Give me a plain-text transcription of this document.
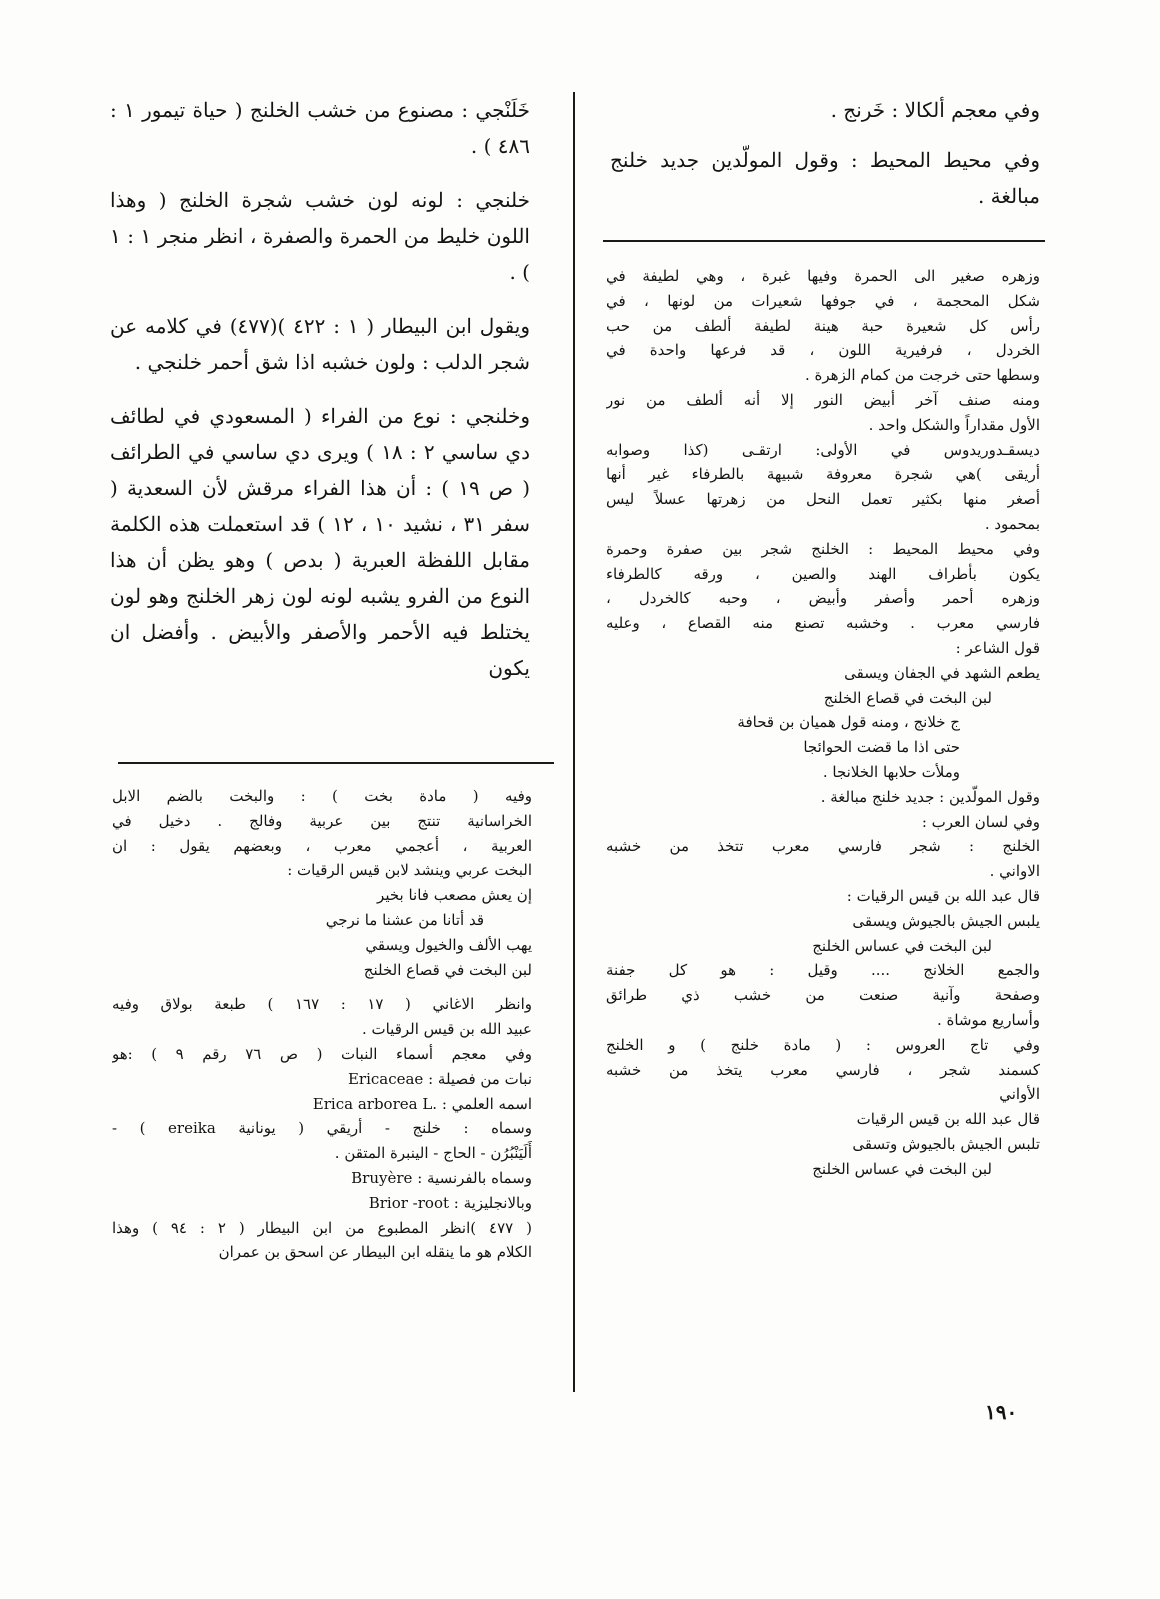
وفي معجم ألكالا : خَرنج .

وفي محيط المحيط : وقول المولّدين جديد خلنج مبالغة .

وزهره صغير الى الحمرة وفيها غبرة ، وهي لطيفة في
شكل المحجمة ، في جوفها شعيرات من لونها ، في
رأس كل شعيرة حبة هينة لطيفة ألطف من حب
الخردل ، فرفيرية اللون ، قد فرعها واحدة في
وسطها حتى خرجت من كمام الزهرة .
ومنه صنف آخر أبيض النور إلا أنه ألطف من نور
الأول مقداراً والشكل واحد .
ديسقـدوريدوس في الأولى: ارتقـى (كذا وصوابه
أريقى )هي شجرة معروفة شبيهة بالطرفاء غير أنها
أصغر منها بكثير تعمل النحل من زهرتها عسلاً ليس
بمحمود .
وفي محيط المحيط : الخلنج شجر بين صفرة وحمرة
يكون بأطراف الهند والصين ، ورقه كالطرفاء
وزهره أحمر وأصفر وأبيض ، وحبه كالخردل ،
فارسي معرب . وخشبه تصنع منه القصاع ، وعليه
قول الشاعر :
يطعم الشهد في الجفان ويسقى
لبن البخت في قصاع الخلنج
ج خلانج ، ومنه قول هميان بن قحافة
حتى اذا ما قضت الحوائجا
وملأت حلابها الخلانجا .
وقول المولّدين : جديد خلنج مبالغة .
وفي لسان العرب :
الخلنج : شجر فارسي معرب تتخذ من خشبه
الاواني .
قال عبد الله بن قيس الرقيات :
يلبس الجيش بالجيوش ويسقى
لبن البخت في عساس الخلنج
والجمع الخلانج .... وقيل : هو كل جفنة
وصفحة وآنية صنعت من خشب ذي طرائق
وأساريع موشاة .
وفي تاج العروس : ( مادة خلنج ) و الخلنج
كسمند شجر ، فارسي معرب يتخذ من خشبه
الأواني
قال عبد الله بن قيس الرقيات
تلبس الجيش بالجيوش وتسقى
لبن البخت في عساس الخلنج

خَلَنْجي : مصنوع من خشب الخلنج ( حياة تيمور ۱ : ٤٨٦ ) .

خلنجي : لونه لون خشب شجرة الخلنج ( وهذا اللون خليط من الحمرة والصفرة ، انظر منجر ۱ : ۱ ) .

ويقول ابن البيطار ( ۱ : ٤٢٢ )(٤٧٧) في كلامه عن شجر الدلب : ولون خشبه اذا شق أحمر خلنجي .

وخلنجي : نوع من الفراء ( المسعودي في لطائف دي ساسي ۲ : ۱۸ ) ويرى دي ساسي في الطرائف ( ص ۱۹ ) : أن هذا الفراء مرقش لأن السعدية ( سفر ۳۱ ، نشيد ۱۰ ، ۱۲ ) قد استعملت هذه الكلمة مقابل اللفظة العبرية ( بدص ) وهو يظن أن هذا النوع من الفرو يشبه لونه لون زهر الخلنج وهو لون يختلط فيه الأحمر والأصفر والأبيض . وأفضل ان يكون

وفيه ( مادة بخت ) : والبخت بالضم الابل
الخراسانية تنتج بين عربية وفالج . دخيل في
العربية ، أعجمي معرب ، وبعضهم يقول : ان
البخت عربي وينشد لابن قيس الرقيات :
إن يعش مصعب فانا بخير
قد أتانا من عشنا ما نرجي
يهب الألف والخيول ويسقي
لبن البخت في قصاع الخلنج
وانظر الاغاني ( ۱۷ : ۱٦۷ ) طبعة بولاق وفيه
عبيد الله بن قيس الرقيات .
وفي معجم أسماء النبات ( ص ۷٦ رقم ۹ ) :هو
نبات من فصيلة : Ericaceae
اسمه العلمي : .Erica arborea L
وسماه : خلنج - أريقي ( يونانية ereika ) -
أَلَيَنْبُرُن - الحاج - الينبرة المتقن .
وسماه بالفرنسية : Bruyère
وبالانجليزية : Brior -root
( ٤٧٧ )انظر المطبوع من ابن البيطار ( ۲ : ۹٤ ) وهذا
الكلام هو ما ينقله ابن البيطار عن اسحق بن عمران
۱۹۰
